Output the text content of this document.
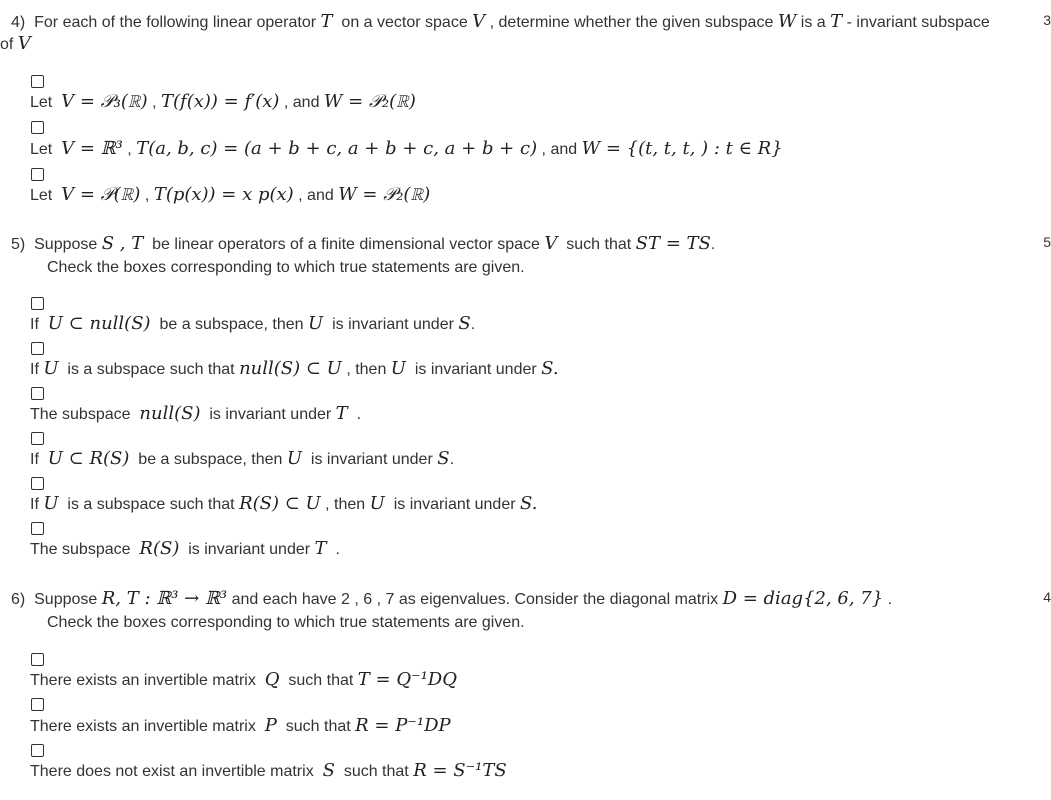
4) For each of the following linear operator T on a vector space V , determine whether the given subspace W is a T - invariant subspace	3
of V
Let V = 𝒫₃(ℝ) , T(f(x)) = f′(x) , and W = 𝒫₂(ℝ)
Let V = ℝ³ , T(a, b, c) = (a + b + c, a + b + c, a + b + c) , and W = {(t, t, t, ) : t ∈ R}
Let V = 𝒫(ℝ) , T(p(x)) = x p(x) , and W = 𝒫₂(ℝ)
5) Suppose S , T be linear operators of a finite dimensional vector space V such that ST = TS.	5
Check the boxes corresponding to which true statements are given.
If U ⊂ null(S) be a subspace, then U is invariant under S.
If U is a subspace such that null(S) ⊂ U , then U is invariant under S.
The subspace null(S) is invariant under T .
If U ⊂ R(S) be a subspace, then U is invariant under S.
If U is a subspace such that R(S) ⊂ U , then U is invariant under S.
The subspace R(S) is invariant under T .
6) Suppose R, T : ℝ³ → ℝ³ and each have 2 , 6 , 7 as eigenvalues. Consider the diagonal matrix D = diag{2, 6, 7} .	4
Check the boxes corresponding to which true statements are given.
There exists an invertible matrix Q such that T = Q⁻¹DQ
There exists an invertible matrix P such that R = P⁻¹DP
There does not exist an invertible matrix S such that R = S⁻¹TS
